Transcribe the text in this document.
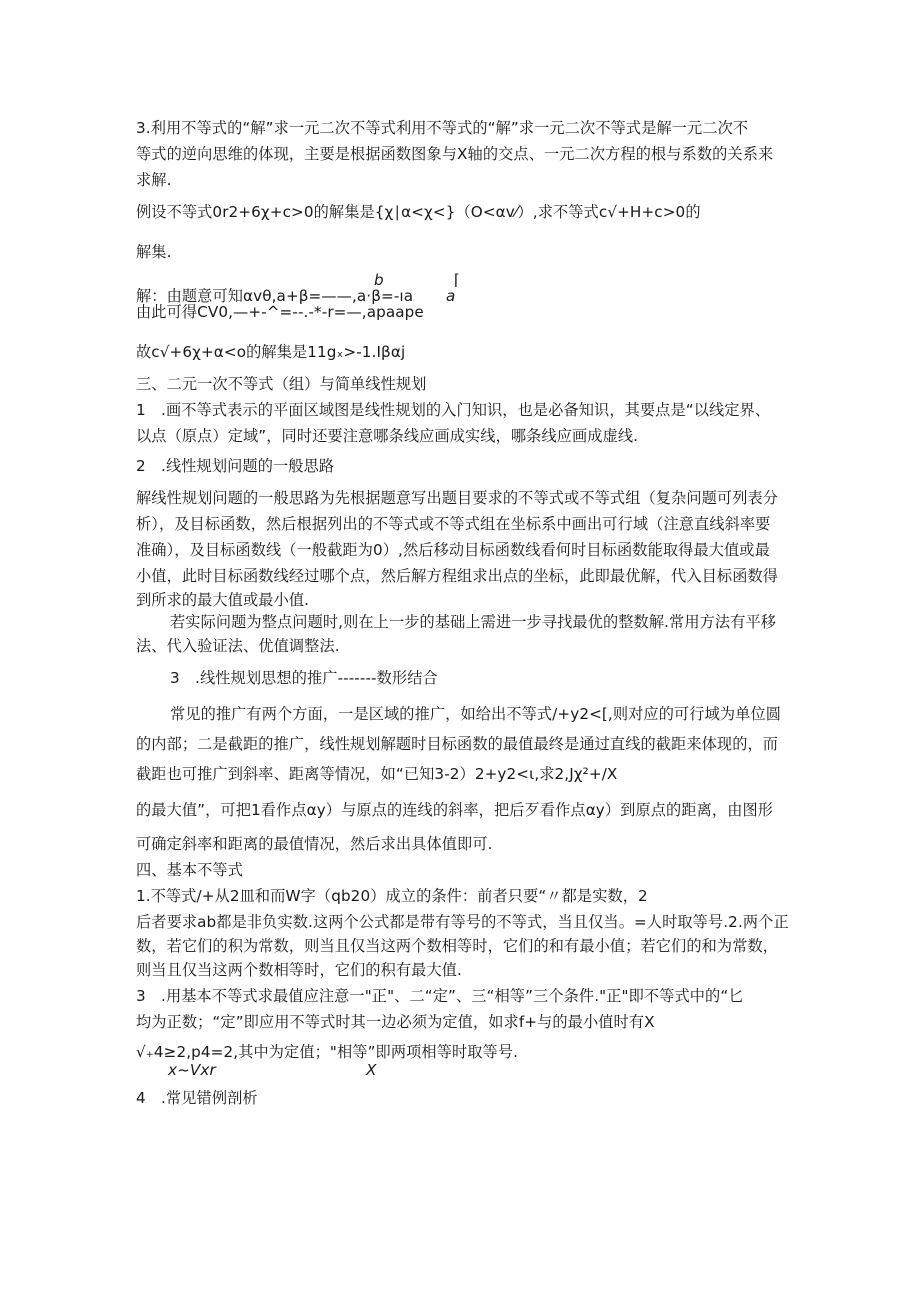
3.利用不等式的“解”求一元二次不等式利用不等式的“解”求一元二次不等式是解一元二次不
等式的逆向思维的体现，主要是根据函数图象与X轴的交点、一元二次方程的根与系数的关系来
求解.
例设不等式0r2+6χ+c>0的解集是{χ∣α<χ<}（O<αv⁄）,求不等式c√+H+c>0的
解集.
b	⌈
解：由题意可知αvθ,a+β=——,a·β=-ıa a
由此可得CV0,—+-^=--.-*-r=—,apaape
故c√+6χ+α<o的解集是11gₓ>-1.Iβαj
三、二元一次不等式（组）与简单线性规划
1　.画不等式表示的平面区域图是线性规划的入门知识，也是必备知识，其要点是“以线定界、
以点（原点）定域”，同时还要注意哪条线应画成实线，哪条线应画成虚线.
2　.线性规划问题的一般思路
解线性规划问题的一般思路为先根据题意写出题目要求的不等式或不等式组（复杂问题可列表分
析），及目标函数，然后根据列出的不等式或不等式组在坐标系中画出可行域（注意直线斜率要
准确），及目标函数线（一般截距为0）,然后移动目标函数线看何时目标函数能取得最大值或最
小值，此时目标函数线经过哪个点，然后解方程组求出点的坐标，此即最优解，代入目标函数得
到所求的最大值或最小值.
若实际问题为整点问题时,则在上一步的基础上需进一步寻找最优的整数解.常用方法有平移
法、代入验证法、优值调整法.
3　.线性规划思想的推广-------数形结合
常见的推广有两个方面，一是区域的推广，如给出不等式/+y2<[,则对应的可行域为单位圆
的内部；二是截距的推广，线性规划解题时目标函数的最值最终是通过直线的截距来体现的，而
截距也可推广到斜率、距离等情况，如“已知3-2）2+y2<ι,求2,Jχ²+/X
的最大值”，可把1看作点αy）与原点的连线的斜率，把后歹看作点αy）到原点的距离，由图形
可确定斜率和距离的最值情况，然后求出具体值即可.
四、基本不等式
1.不等式/+从2皿和而W字（qb20）成立的条件：前者只要“〃都是实数，2
后者要求ab都是非负实数.这两个公式都是带有等号的不等式，当且仅当。=人时取等号.2.两个正
数，若它们的积为常数，则当且仅当这两个数相等时，它们的和有最小值；若它们的和为常数，
则当且仅当这两个数相等时，它们的积有最大值.
3　.用基本不等式求最值应注意一"正"、二“定”、三“相等”三个条件."正"即不等式中的“匕
均为正数；“定”即应用不等式时其一边必须为定值，如求f+与的最小值时有X
√₊4≥2,p4=2,其中为定值；"相等”即两项相等时取等号.
x~Vxr	X
4　.常见错例剖析
